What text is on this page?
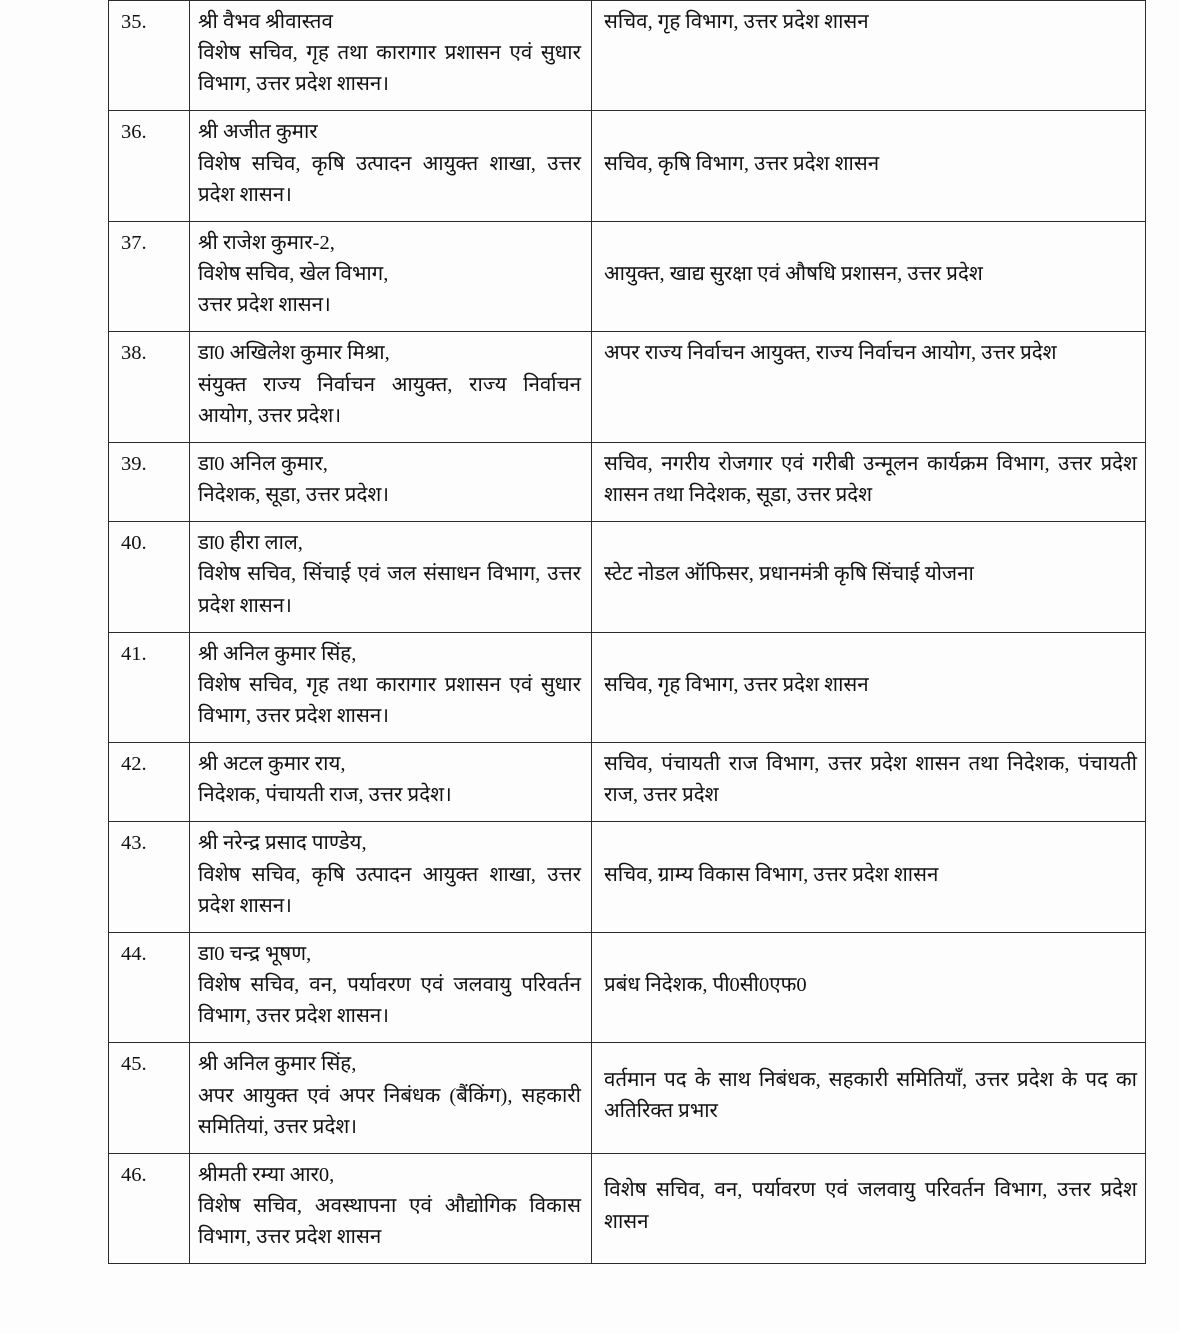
35.	श्री वैभव श्रीवास्तव
विशेष सचिव, गृह तथा कारागार प्रशासन एवं सुधार विभाग, उत्तर प्रदेश शासन।	सचिव, गृह विभाग, उत्तर प्रदेश शासन
36.	श्री अजीत कुमार
विशेष सचिव, कृषि उत्पादन आयुक्त शाखा, उत्तर प्रदेश शासन।	सचिव, कृषि विभाग, उत्तर प्रदेश शासन
37.	श्री राजेश कुमार-2,
विशेष सचिव, खेल विभाग,
उत्तर प्रदेश शासन।	आयुक्त, खाद्य सुरक्षा एवं औषधि प्रशासन, उत्तर प्रदेश
38.	डा0 अखिलेश कुमार मिश्रा,
संयुक्त राज्य निर्वाचन आयुक्त, राज्य निर्वाचन आयोग, उत्तर प्रदेश।	अपर राज्य निर्वाचन आयुक्त, राज्य निर्वाचन आयोग, उत्तर प्रदेश
39.	डा0 अनिल कुमार,
निदेशक, सूडा, उत्तर प्रदेश।	सचिव, नगरीय रोजगार एवं गरीबी उन्मूलन कार्यक्रम विभाग, उत्तर प्रदेश शासन तथा निदेशक, सूडा, उत्तर प्रदेश
40.	डा0 हीरा लाल,
विशेष सचिव, सिंचाई एवं जल संसाधन विभाग, उत्तर प्रदेश शासन।	स्टेट नोडल ऑफिसर, प्रधानमंत्री कृषि सिंचाई योजना
41.	श्री अनिल कुमार सिंह,
विशेष सचिव, गृह तथा कारागार प्रशासन एवं सुधार विभाग, उत्तर प्रदेश शासन।	सचिव, गृह विभाग, उत्तर प्रदेश शासन
42.	श्री अटल कुमार राय,
निदेशक, पंचायती राज, उत्तर प्रदेश।	सचिव, पंचायती राज विभाग, उत्तर प्रदेश शासन तथा निदेशक, पंचायती राज, उत्तर प्रदेश
43.	श्री नरेन्द्र प्रसाद पाण्डेय,
विशेष सचिव, कृषि उत्पादन आयुक्त शाखा, उत्तर प्रदेश शासन।	सचिव, ग्राम्य विकास विभाग, उत्तर प्रदेश शासन
44.	डा0 चन्द्र भूषण,
विशेष सचिव, वन, पर्यावरण एवं जलवायु परिवर्तन विभाग, उत्तर प्रदेश शासन।	प्रबंध निदेशक, पी0सी0एफ0
45.	श्री अनिल कुमार सिंह,
अपर आयुक्त एवं अपर निबंधक (बैंकिंग), सहकारी समितियां, उत्तर प्रदेश।	वर्तमान पद के साथ निबंधक, सहकारी समितियाँ, उत्तर प्रदेश के पद का अतिरिक्त प्रभार
46.	श्रीमती रम्या आर0,
विशेष सचिव, अवस्थापना एवं औद्योगिक विकास विभाग, उत्तर प्रदेश शासन	विशेष सचिव, वन, पर्यावरण एवं जलवायु परिवर्तन विभाग, उत्तर प्रदेश शासन
